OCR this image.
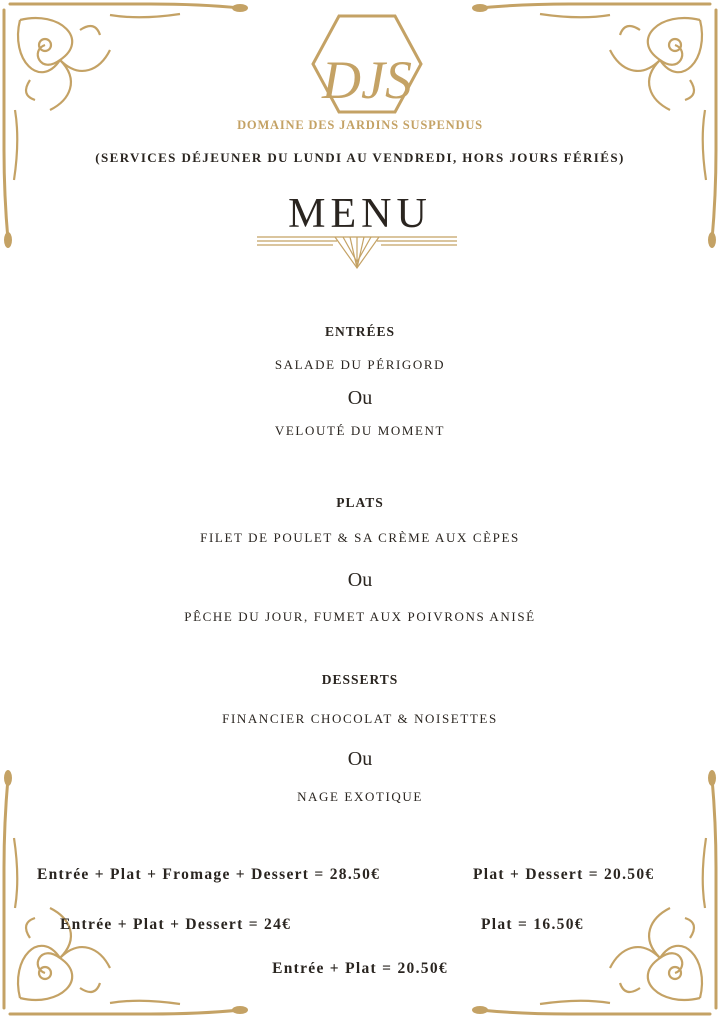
DJS
DOMAINE DES JARDINS SUSPENDUS
(SERVICES DÉJEUNER DU LUNDI AU VENDREDI, HORS JOURS FÉRIÉS)
MENU
ENTRÉES
SALADE DU PÉRIGORD
Ou
VELOUTÉ DU MOMENT
PLATS
FILET DE POULET & SA CRÈME AUX CÈPES
Ou
PÊCHE DU JOUR, FUMET AUX POIVRONS ANISÉ
DESSERTS
FINANCIER CHOCOLAT & NOISETTES
Ou
NAGE EXOTIQUE
Entrée + Plat + Fromage + Dessert = 28.50€	Plat + Dessert = 20.50€
Entrée + Plat + Dessert = 24€	Plat = 16.50€
Entrée + Plat = 20.50€
